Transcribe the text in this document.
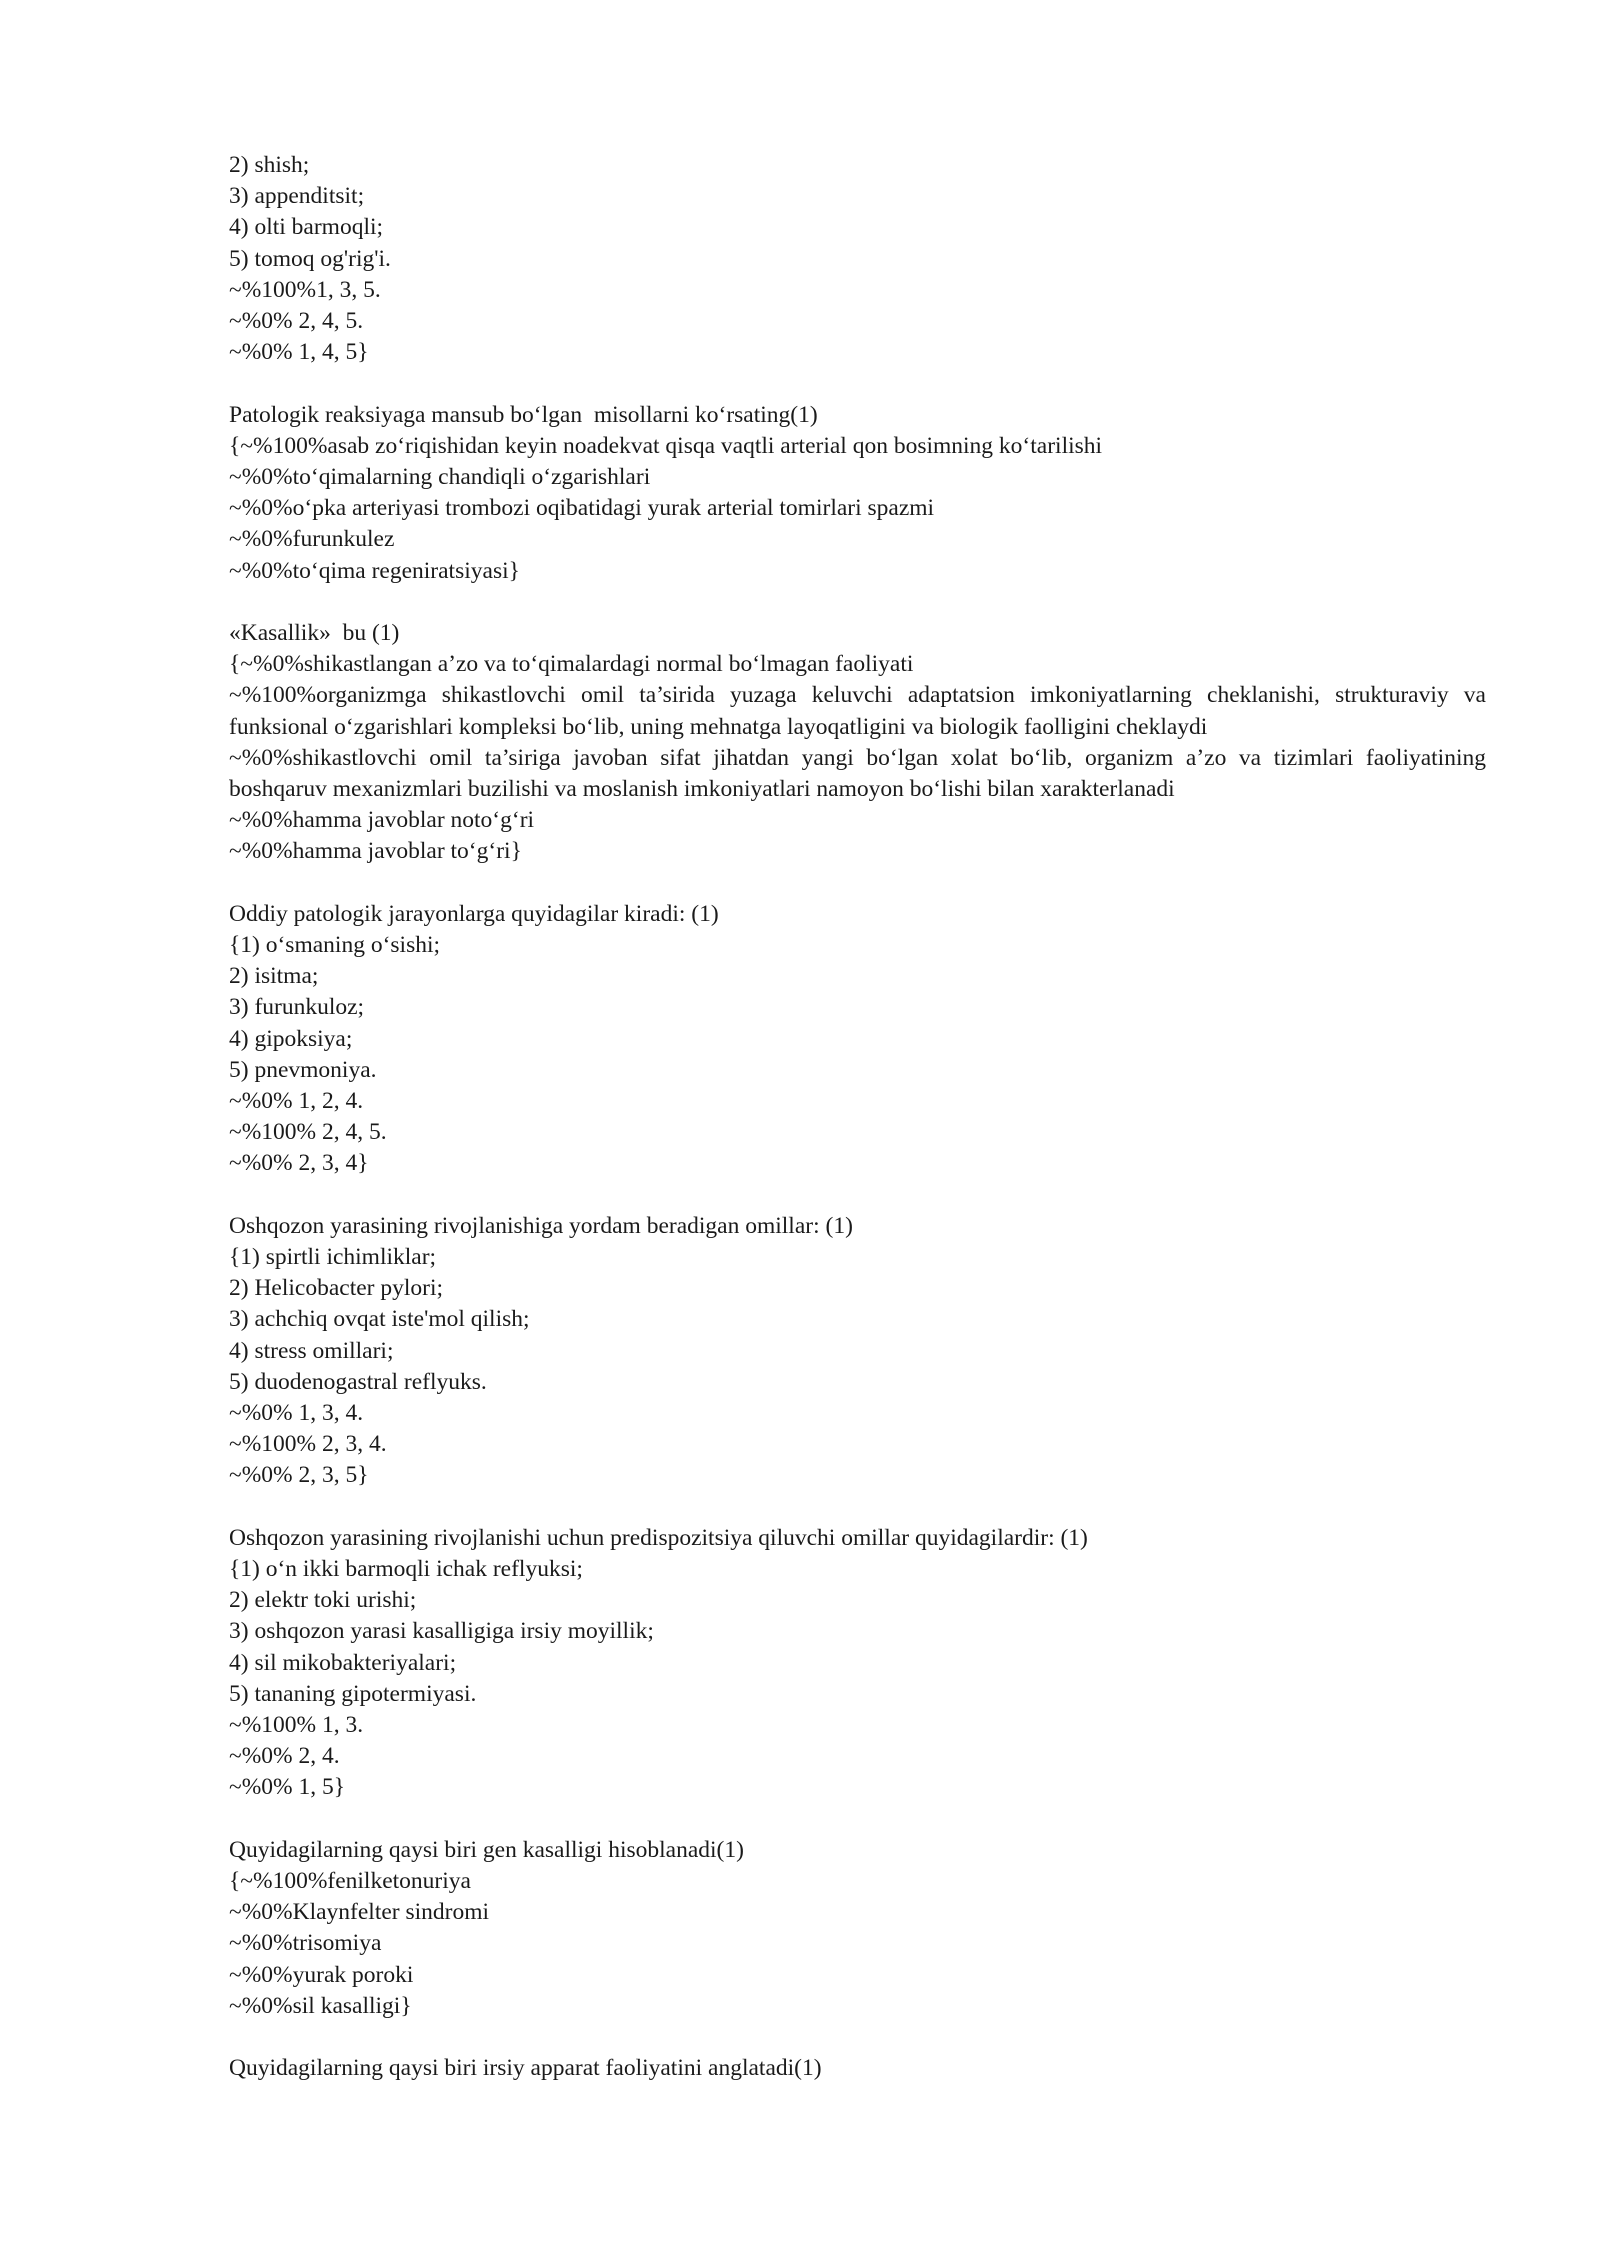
2) shish;
3) appenditsit;
4) olti barmoqli;
5) tomoq og'rig'i.
~%100%1, 3, 5.
~%0% 2, 4, 5.
~%0% 1, 4, 5}
Patologik reaksiyaga mansub bo‘lgan  misollarni ko‘rsating(1)
{~%100%asab zo‘riqishidan keyin noadekvat qisqa vaqtli arterial qon bosimning ko‘tarilishi
~%0%to‘qimalarning chandiqli o‘zgarishlari
~%0%o‘pka arteriyasi trombozi oqibatidagi yurak arterial tomirlari spazmi
~%0%furunkulez
~%0%to‘qima regeniratsiyasi}
«Kasallik»  bu (1)
{~%0%shikastlangan a’zo va to‘qimalardagi normal bo‘lmagan faoliyati
~%100%organizmga shikastlovchi omil ta’sirida yuzaga keluvchi adaptatsion imkoniyatlarning cheklanishi, strukturaviy va funksional o‘zgarishlari kompleksi bo‘lib, uning mehnatga layoqatligini va biologik faolligini cheklaydi
~%0%shikastlovchi omil ta’siriga javoban sifat jihatdan yangi bo‘lgan xolat bo‘lib, organizm a’zo va tizimlari faoliyatining boshqaruv mexanizmlari buzilishi va moslanish imkoniyatlari namoyon bo‘lishi bilan xarakterlanadi
~%0%hamma javoblar noto‘g‘ri
~%0%hamma javoblar to‘g‘ri}
Oddiy patologik jarayonlarga quyidagilar kiradi: (1)
{1) o‘smaning o‘sishi;
2) isitma;
3) furunkuloz;
4) gipoksiya;
5) pnevmoniya.
~%0% 1, 2, 4.
~%100% 2, 4, 5.
~%0% 2, 3, 4}
Oshqozon yarasining rivojlanishiga yordam beradigan omillar: (1)
{1) spirtli ichimliklar;
2) Helicobacter pylori;
3) achchiq ovqat iste'mol qilish;
4) stress omillari;
5) duodenogastral reflyuks.
~%0% 1, 3, 4.
~%100% 2, 3, 4.
~%0% 2, 3, 5}
Oshqozon yarasining rivojlanishi uchun predispozitsiya qiluvchi omillar quyidagilardir: (1)
{1) o‘n ikki barmoqli ichak reflyuksi;
2) elektr toki urishi;
3) oshqozon yarasi kasalligiga irsiy moyillik;
4) sil mikobakteriyalari;
5) tananing gipotermiyasi.
~%100% 1, 3.
~%0% 2, 4.
~%0% 1, 5}
Quyidagilarning qaysi biri gen kasalligi hisoblanadi(1)
{~%100%fenilketonuriya
~%0%Klaynfelter sindromi
~%0%trisomiya
~%0%yurak poroki
~%0%sil kasalligi}
Quyidagilarning qaysi biri irsiy apparat faoliyatini anglatadi(1)
